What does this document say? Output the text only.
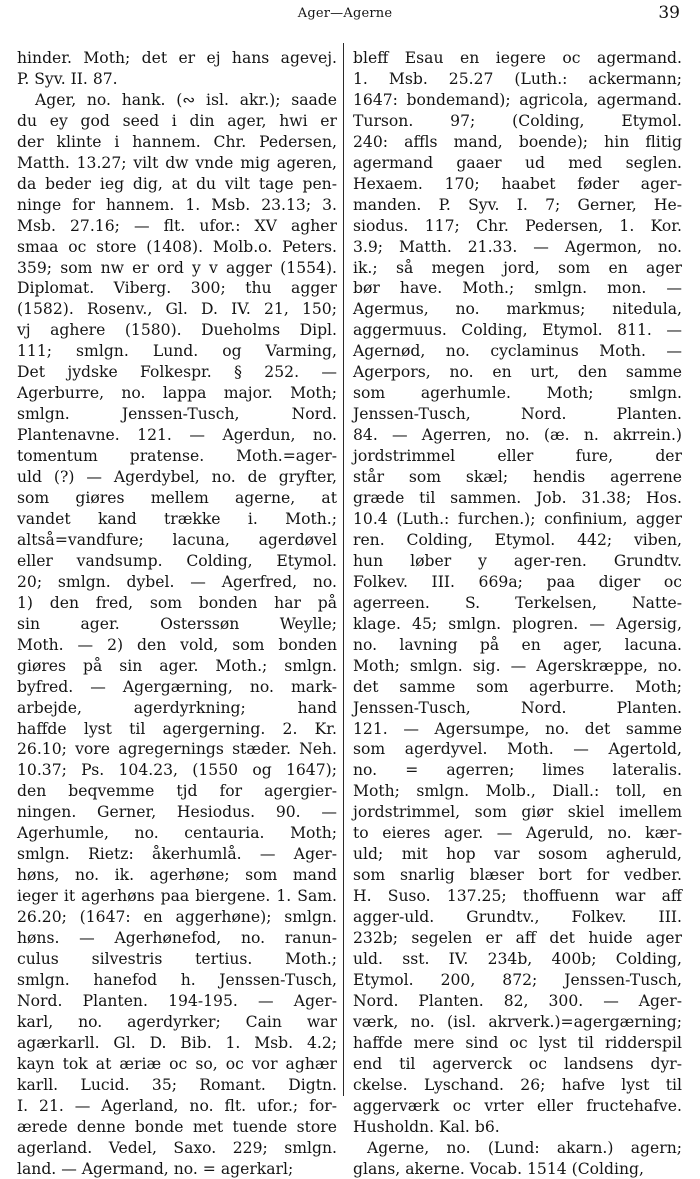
Ager—Agerne	39
hinder. Moth; det er ej hans agevej.
P. Syv. II. 87.
Ager, no. hank. (∾ isl. akr.); saade
du ey god seed i din ager, hwi er
der klinte i hannem. Chr. Pedersen,
Matth. 13.27; vilt dw vnde mig ageren,
da beder ieg dig, at du vilt tage pen-
ninge for hannem. 1. Msb. 23.13; 3.
Msb. 27.16; — flt. ufor.: XV agher
smaa oc store (1408). Molb.o. Peters.
359; som nw er ord y v agger (1554).
Diplomat. Viberg. 300; thu agger
(1582). Rosenv., Gl. D. IV. 21, 150;
vj aghere (1580). Dueholms Dipl.
111; smlgn. Lund. og Varming,
Det jydske Folkespr. § 252. —
Agerburre, no. lappa major. Moth;
smlgn. Jenssen-Tusch, Nord.
Plantenavne. 121. — Agerdun, no.
tomentum pratense. Moth.=ager-
uld (?) — Agerdybel, no. de gryfter,
som giøres mellem agerne, at
vandet kand trække i. Moth.;
altså=vandfure; lacuna, agerdøvel
eller vandsump. Colding, Etymol.
20; smlgn. dybel. — Agerfred, no.
1) den fred, som bonden har på
sin ager. Osterssøn Weylle;
Moth. — 2) den vold, som bonden
giøres på sin ager. Moth.; smlgn.
byfred. — Agergærning, no. mark-
arbejde, agerdyrkning; hand
haffde lyst til agergerning. 2. Kr.
26.10; vore agregernings stæder. Neh.
10.37; Ps. 104.23, (1550 og 1647);
den beqvemme tjd for agergier-
ningen. Gerner, Hesiodus. 90. —
Agerhumle, no. centauria. Moth;
smlgn. Rietz: åkerhumlå. — Ager-
høns, no. ik. agerhøne; som mand
ieger it agerhøns paa biergene. 1. Sam.
26.20; (1647: en aggerhøne); smlgn.
høns. — Agerhønefod, no. ranun-
culus silvestris tertius. Moth.;
smlgn. hanefod h. Jenssen-Tusch,
Nord. Planten. 194-195. — Ager-
karl, no. agerdyrker; Cain war
agærkarll. Gl. D. Bib. 1. Msb. 4.2;
kayn tok at æriæ oc so, oc vor aghær
karll. Lucid. 35; Romant. Digtn.
I. 21. — Agerland, no. flt. ufor.; for-
ærede denne bonde met tuende store
agerland. Vedel, Saxo. 229; smlgn.
land. — Agermand, no. = agerkarl;
bleff Esau en iegere oc agermand.
1. Msb. 25.27 (Luth.: ackermann;
1647: bondemand); agricola, agermand.
Turson. 97; (Colding, Etymol.
240: affls mand, boende); hin flitig
agermand gaaer ud med seglen.
Hexaem. 170; haabet føder ager-
manden. P. Syv. I. 7; Gerner, He-
siodus. 117; Chr. Pedersen, 1. Kor.
3.9; Matth. 21.33. — Agermon, no.
ik.; så megen jord, som en ager
bør have. Moth.; smlgn. mon. —
Agermus, no. markmus; nitedula,
aggermuus. Colding, Etymol. 811. —
Agernød, no. cyclaminus Moth. —
Agerpors, no. en urt, den samme
som agerhumle. Moth; smlgn.
Jenssen-Tusch, Nord. Planten.
84. — Agerren, no. (æ. n. akrrein.)
jordstrimmel eller fure, der
står som skæl; hendis agerrene
græde til sammen. Job. 31.38; Hos.
10.4 (Luth.: furchen.); confinium, agger
ren. Colding, Etymol. 442; viben,
hun løber y ager-ren. Grundtv.
Folkev. III. 669a; paa diger oc
agerreen. S. Terkelsen, Natte-
klage. 45; smlgn. plogren. — Agersig,
no. lavning på en ager, lacuna.
Moth; smlgn. sig. — Agerskræppe, no.
det samme som agerburre. Moth;
Jenssen-Tusch, Nord. Planten.
121. — Agersumpe, no. det samme
som agerdyvel. Moth. — Agertold,
no. = agerren; limes lateralis.
Moth; smlgn. Molb., Diall.: toll, en
jordstrimmel, som giør skiel imellem
to eieres ager. — Ageruld, no. kær-
uld; mit hop var sosom agheruld,
som snarlig blæser bort for vedber.
H. Suso. 137.25; thoffuenn war aff
agger-uld. Grundtv., Folkev. III.
232b; segelen er aff det huide ager
uld. sst. IV. 234b, 400b; Colding,
Etymol. 200, 872; Jenssen-Tusch,
Nord. Planten. 82, 300. — Ager-
værk, no. (isl. akrverk.)=agergærning;
haffde mere sind oc lyst til ridderspil
end til agerverck oc landsens dyr-
ckelse. Lyschand. 26; hafve lyst til
aggerværk oc vrter eller fructehafve.
Husholdn. Kal. b6.
Agerne, no. (Lund: akarn.) agern;
glans, akerne. Vocab. 1514 (Colding,
